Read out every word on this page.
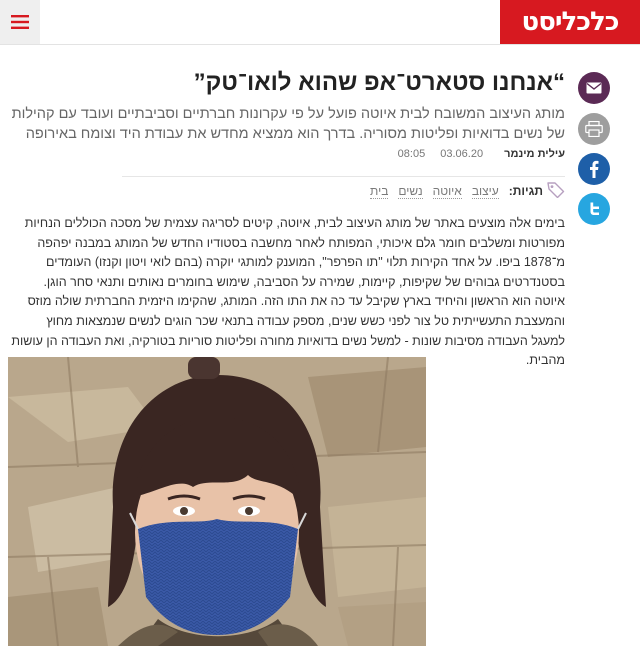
כלכליסט
“אנחנו סטארט־אפ שהוא לואו־טק”
מותג העיצוב המשובח לבית איוטה פועל על פי עקרונות חברתיים וסביבתיים ועובד עם קהילות של נשים בדואיות ופליטות מסוריה. בדרך הוא ממציא מחדש את עבודת היד וצומח באירופה
עילית מינמר 03.06.20 08:05
תגיות:
עיצוב
איוטה
נשים
בית
בימים אלה מוצעים באתר של מותג העיצוב לבית, איוטה, קיטים לסריגה עצמית של מסכה הכוללים הנחיות מפורטות ומשלבים חומר גלם איכותי, המפותח לאחר מחשבה בסטודיו החדש של המותג במבנה יפהפה מ־1878 ביפו. על אחד הקירות תלוי "תו הפרפר", המוענק למותגי יוקרה (בהם לואי ויטון וקנזו) העומדים בסטנדרטים גבוהים של שקיפות, קיימות, שמירה על הסביבה, שימוש בחומרים נאותים ותנאי סחר הוגן. איוטה הוא הראשון והיחיד בארץ שקיבל עד כה את התו הזה. המותג, שהקימו היזמית החברתית שולה מוזס והמעצבת התעשייתית טל צור לפני כשש שנים, מספק עבודה בתנאי שכר הוגים לנשים שנמצאות מחוץ למעגל העבודה מסיבות שונות - למשל נשים בדואיות מחורה ופליטות סוריות בטורקיה, ואת העבודה הן עושות מהבית.
